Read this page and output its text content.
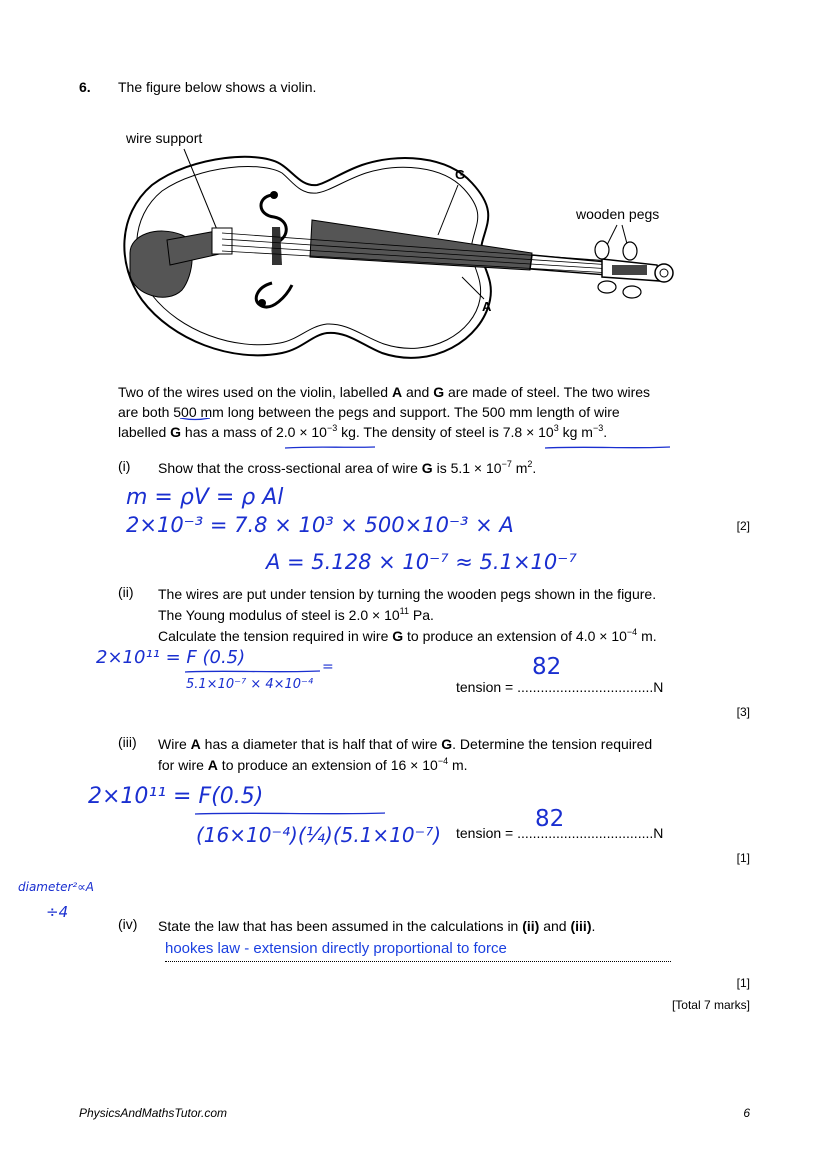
6. The figure below shows a violin.
wire support
G
A
wooden pegs
Two of the wires used on the violin, labelled A and G are made of steel. The two wires
are both 500 mm long between the pegs and support. The 500 mm length of wire
labelled G has a mass of $2.0 \times 10^{-3}$ kg. The density of steel is $7.8 \times 10^3$ kg $m^{-3}$.
(i) Show that the cross-sectional area of wire G is $5.1 \times 10^{-7}$ $m^2$.
m = ρV = ρ Al
2×10⁻³ = 7.8 × 10³ × 500×10⁻³ × A
A = 5.128 × 10⁻⁷ ≈ 5.1×10⁻⁷
[2]
(ii) The wires are put under tension by turning the wooden pegs shown in the figure.
The Young modulus of steel is $2.0 \times 10^{11}$ Pa.
Calculate the tension required in wire G to produce an extension of $4.0 \times 10^{-4}$ m.
2×10¹¹ = F (0.5)	=
5.1×10⁻⁷ × 4×10⁻⁴	tension = ...................................N
82
[3]
(iii) Wire A has a diameter that is half that of wire G. Determine the tension required
for wire A to produce an extension of $16 \times 10^{-4}$ m.
2×10¹¹ = F(0.5)
(16×10⁻⁴)(¼)(5.1×10⁻⁷) tension = ...................................N
82
[1]
diameter²∝A
÷4
(iv) State the law that has been assumed in the calculations in (ii) and (iii).
hookes law - extension directly proportional to force
[1]
[Total 7 marks]
PhysicsAndMathsTutor.com	6
